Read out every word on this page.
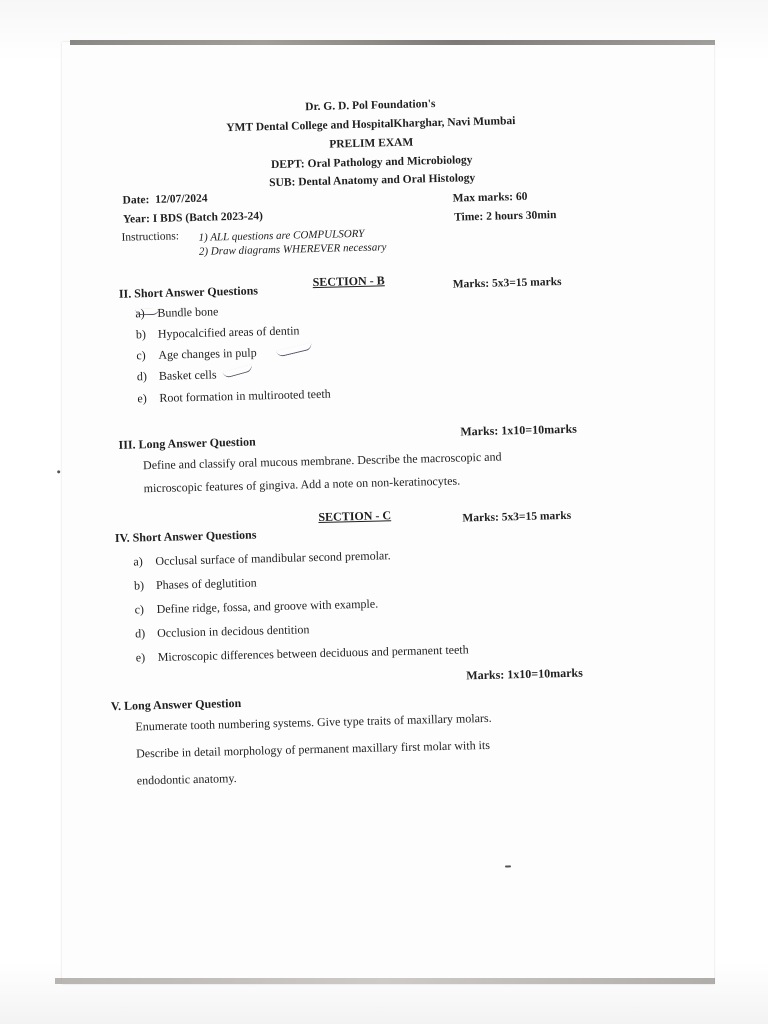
Dr. G. D. Pol Foundation's
YMT Dental College and HospitalKharghar, Navi Mumbai
PRELIM EXAM
DEPT: Oral Pathology and Microbiology
SUB: Dental Anatomy and Oral Histology
Date: 12/07/2024	Max marks: 60
Year: I BDS (Batch 2023-24)	Time: 2 hours 30min
Instructions: 1) ALL questions are COMPULSORY
2) Draw diagrams WHEREVER necessary
SECTION - B
II. Short Answer Questions
Marks: 5x3=15 marks
a) Bundle bone
b) Hypocalcified areas of dentin
c) Age changes in pulp
d) Basket cells
e) Root formation in multirooted teeth
III. Long Answer Question
Marks: 1x10=10marks
Define and classify oral mucous membrane. Describe the macroscopic and
microscopic features of gingiva. Add a note on non-keratinocytes.
SECTION - C
IV. Short Answer Questions
Marks: 5x3=15 marks
a) Occlusal surface of mandibular second premolar.
b) Phases of deglutition
c) Define ridge, fossa, and groove with example.
d) Occlusion in decidous dentition
e) Microscopic differences between deciduous and permanent teeth
V. Long Answer Question
Marks: 1x10=10marks
Enumerate tooth numbering systems. Give type traits of maxillary molars.
Describe in detail morphology of permanent maxillary first molar with its
endodontic anatomy.
